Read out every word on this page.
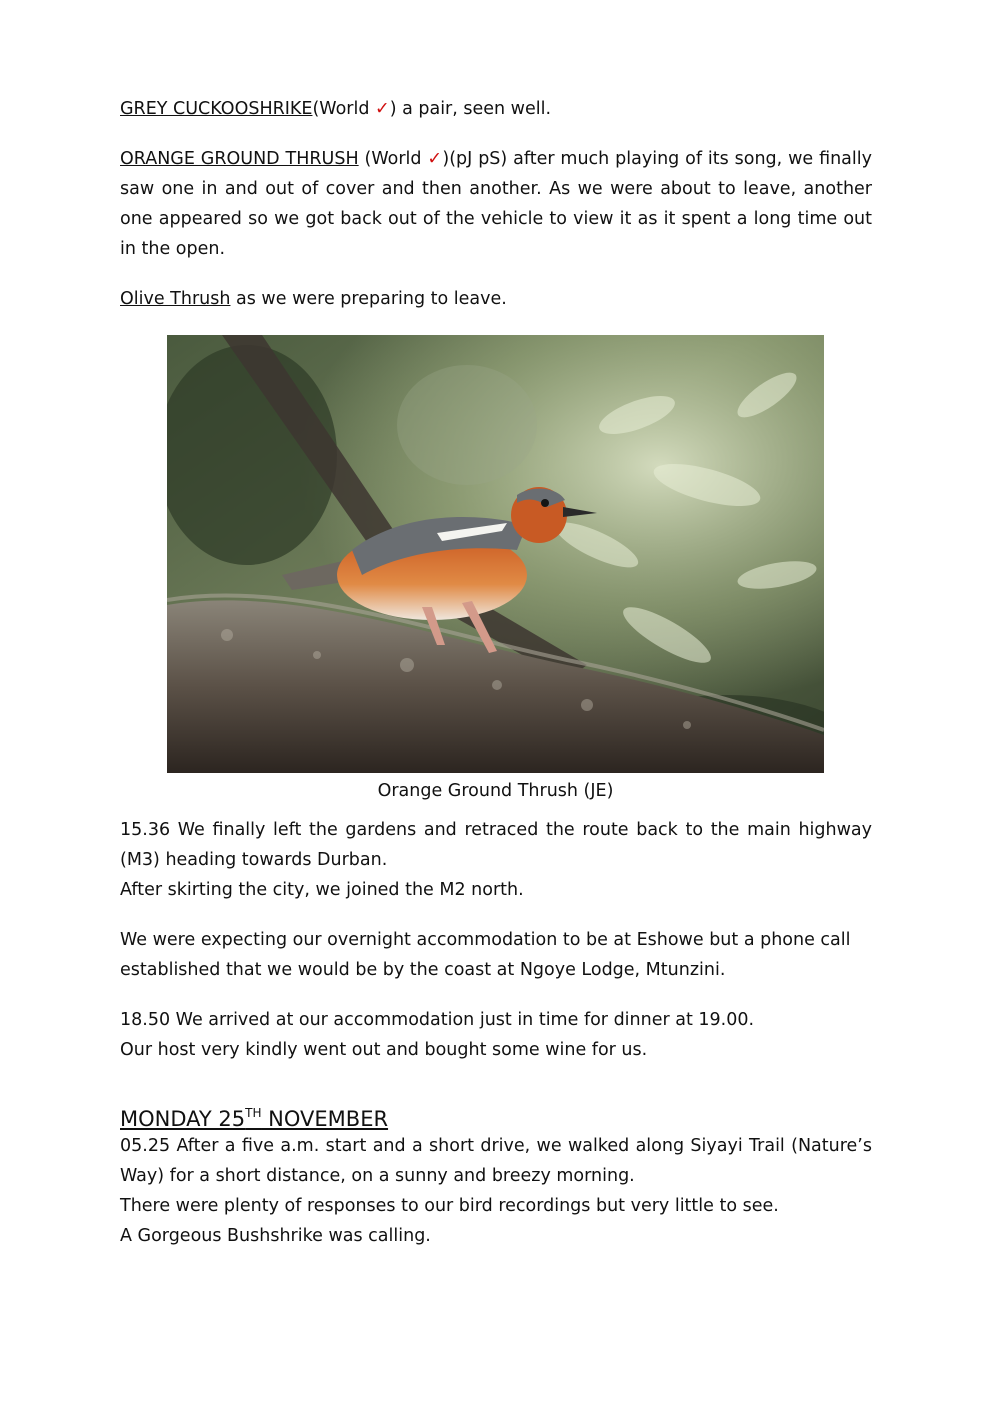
GREY CUCKOOSHRIKE(World ✓) a pair, seen well.
ORANGE GROUND THRUSH (World ✓)(pJ pS) after much playing of its song, we finally saw one in and out of cover and then another. As we were about to leave, another one appeared so we got back out of the vehicle to view it as it spent a long time out in the open.
Olive Thrush as we were preparing to leave.
Orange Ground Thrush (JE)
15.36 We finally left the gardens and retraced the route back to the main highway (M3) heading towards Durban.
After skirting the city, we joined the M2 north.
We were expecting our overnight accommodation to be at Eshowe but a phone call established that we would be by the coast at Ngoye Lodge, Mtunzini.
18.50 We arrived at our accommodation just in time for dinner at 19.00.
Our host very kindly went out and bought some wine for us.
MONDAY 25TH NOVEMBER
05.25 After a five a.m. start and a short drive, we walked along Siyayi Trail (Nature’s Way) for a short distance, on a sunny and breezy morning.
There were plenty of responses to our bird recordings but very little to see.
A Gorgeous Bushshrike was calling.
